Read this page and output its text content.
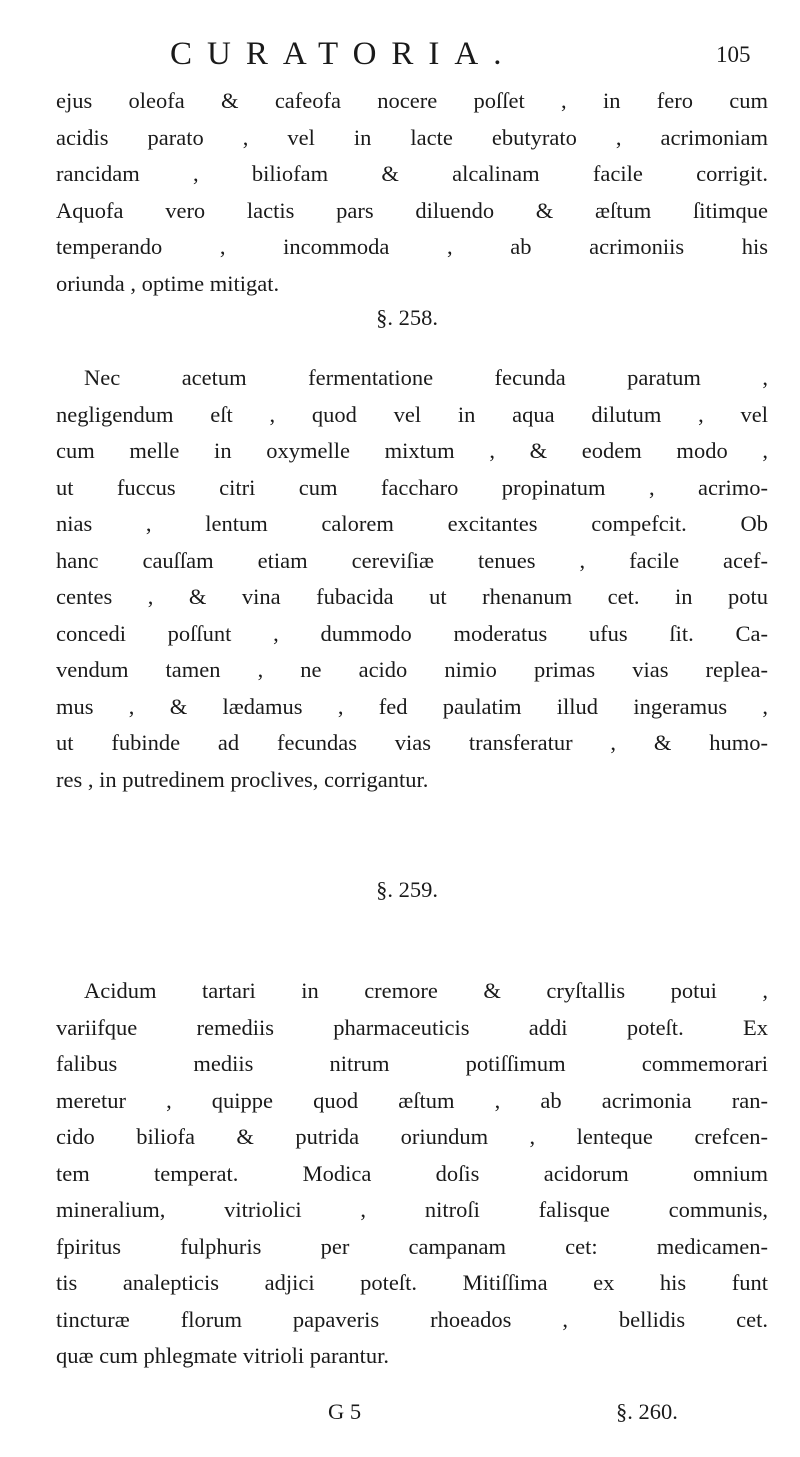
CURATORIA.	105
ejus oleofa & cafeofa nocere poſſet , in fero cum
acidis parato , vel in lacte ebutyrato , acrimoniam
rancidam , biliofam & alcalinam facile corrigit.
Aquofa vero lactis pars diluendo & æſtum ſitimque
temperando , incommoda , ab acrimoniis his
oriunda , optime mitigat.
§. 258.
Nec acetum fermentatione fecunda paratum ,
negligendum eſt , quod vel in aqua dilutum , vel
cum melle in oxymelle mixtum , & eodem modo ,
ut fuccus citri cum faccharo propinatum , acrimo-
nias , lentum calorem excitantes compefcit. Ob
hanc cauſſam etiam cereviſiæ tenues , facile acef-
centes , & vina fubacida ut rhenanum cet. in potu
concedi poſſunt , dummodo moderatus ufus ſit. Ca-
vendum tamen , ne acido nimio primas vias replea-
mus , & lædamus , fed paulatim illud ingeramus ,
ut fubinde ad fecundas vias transferatur , & humo-
res , in putredinem proclives, corrigantur.
§. 259.
Acidum tartari in cremore & cryſtallis potui ,
variifque remediis pharmaceuticis addi poteſt. Ex
falibus mediis nitrum potiſſimum commemorari
meretur , quippe quod æſtum , ab acrimonia ran-
cido biliofa & putrida oriundum , lenteque crefcen-
tem temperat. Modica doſis acidorum omnium
mineralium, vitriolici , nitroſi falisque communis,
fpiritus fulphuris per campanam cet: medicamen-
tis analepticis adjici poteſt. Mitiſſima ex his funt
tincturæ florum papaveris rhoeados , bellidis cet.
quæ cum phlegmate vitrioli parantur.
G 5	§. 260.
